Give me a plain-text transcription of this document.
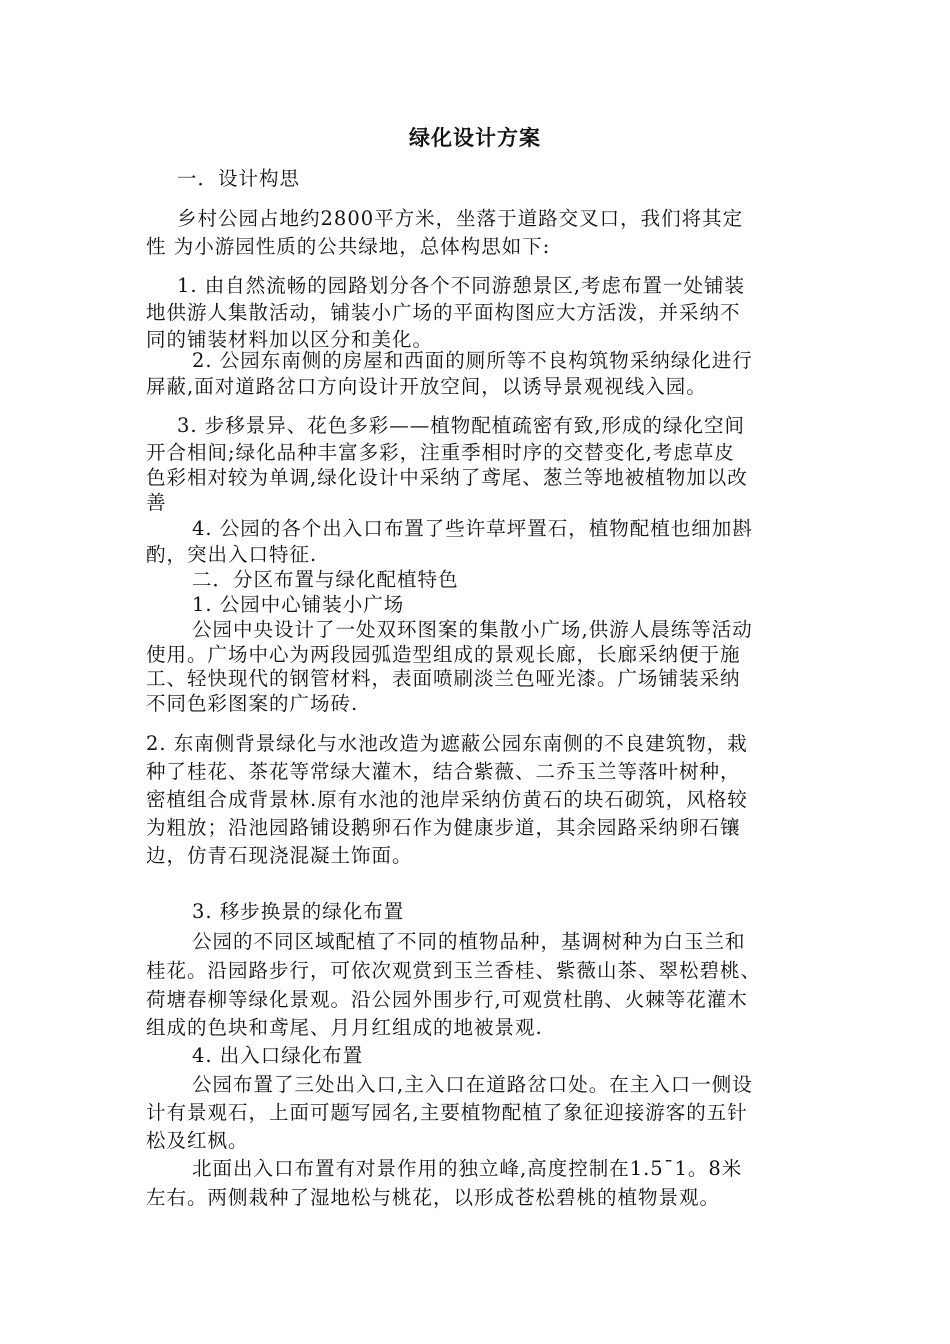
绿化设计方案
一．设计构思
乡村公园占地约2800平方米，坐落于道路交叉口，我们将其定
性 为小游园性质的公共绿地，总体构思如下:
1. 由自然流畅的园路划分各个不同游憩景区,考虑布置一处铺装
地供游人集散活动，铺装小广场的平面构图应大方活泼，并采纳不
同的铺装材料加以区分和美化。
2. 公园东南侧的房屋和西面的厕所等不良构筑物采纳绿化进行
屏蔽,面对道路岔口方向设计开放空间，以诱导景观视线入园。
3. 步移景异、花色多彩——植物配植疏密有致,形成的绿化空间
开合相间;绿化品种丰富多彩，注重季相时序的交替变化,考虑草皮
色彩相对较为单调,绿化设计中采纳了鸢尾、葱兰等地被植物加以改
善
4. 公园的各个出入口布置了些许草坪置石，植物配植也细加斟
酌，突出入口特征.
二．分区布置与绿化配植特色
1. 公园中心铺装小广场
公园中央设计了一处双环图案的集散小广场,供游人晨练等活动
使用。广场中心为两段园弧造型组成的景观长廊，长廊采纳便于施
工、轻快现代的钢管材料，表面喷刷淡兰色哑光漆。广场铺装采纳
不同色彩图案的广场砖.
2. 东南侧背景绿化与水池改造为遮蔽公园东南侧的不良建筑物，栽
种了桂花、茶花等常绿大灌木，结合紫薇、二乔玉兰等落叶树种，
密植组合成背景林.原有水池的池岸采纳仿黄石的块石砌筑，风格较
为粗放；沿池园路铺设鹅卵石作为健康步道，其余园路采纳卵石镶
边，仿青石现浇混凝土饰面。
3. 移步换景的绿化布置
公园的不同区域配植了不同的植物品种，基调树种为白玉兰和
桂花。沿园路步行，可依次观赏到玉兰香桂、紫薇山茶、翠松碧桃、
荷塘春柳等绿化景观。沿公园外围步行,可观赏杜鹃、火棘等花灌木
组成的色块和鸢尾、月月红组成的地被景观.
4. 出入口绿化布置
公园布置了三处出入口,主入口在道路岔口处。在主入口一侧设
计有景观石，上面可题写园名,主要植物配植了象征迎接游客的五针
松及红枫。
北面出入口布置有对景作用的独立峰,高度控制在1.5¯1。8米
左右。两侧栽种了湿地松与桃花，以形成苍松碧桃的植物景观。
